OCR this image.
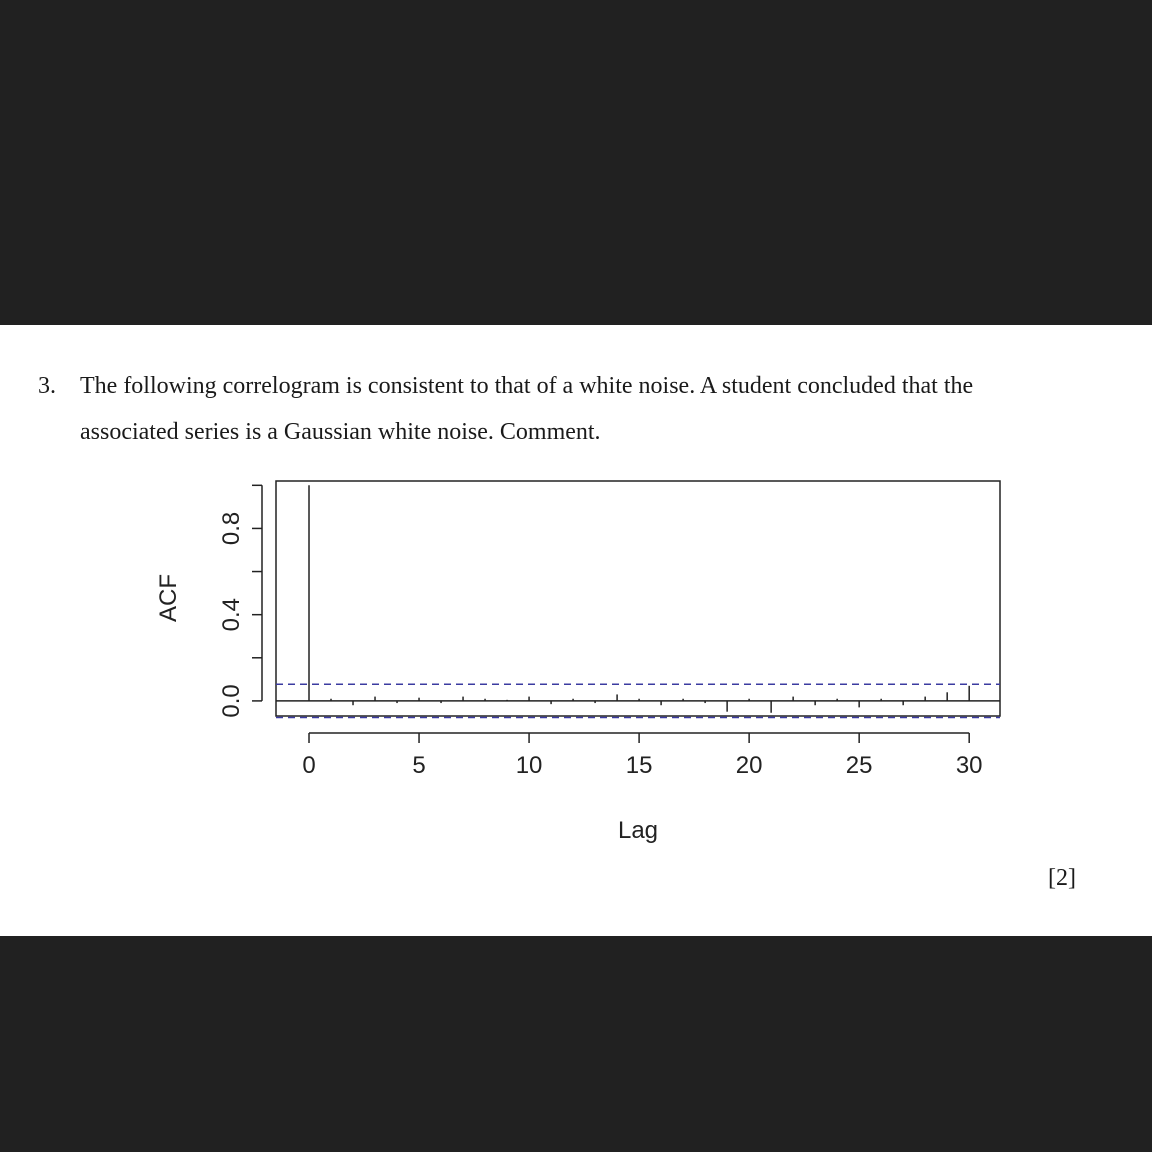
3. The following correlogram is consistent to that of a white noise. A student concluded that the
associated series is a Gaussian white noise. Comment.
[2]
0	5	10	15	20	25	30
0.0
0.4
0.8
Lag
ACF
